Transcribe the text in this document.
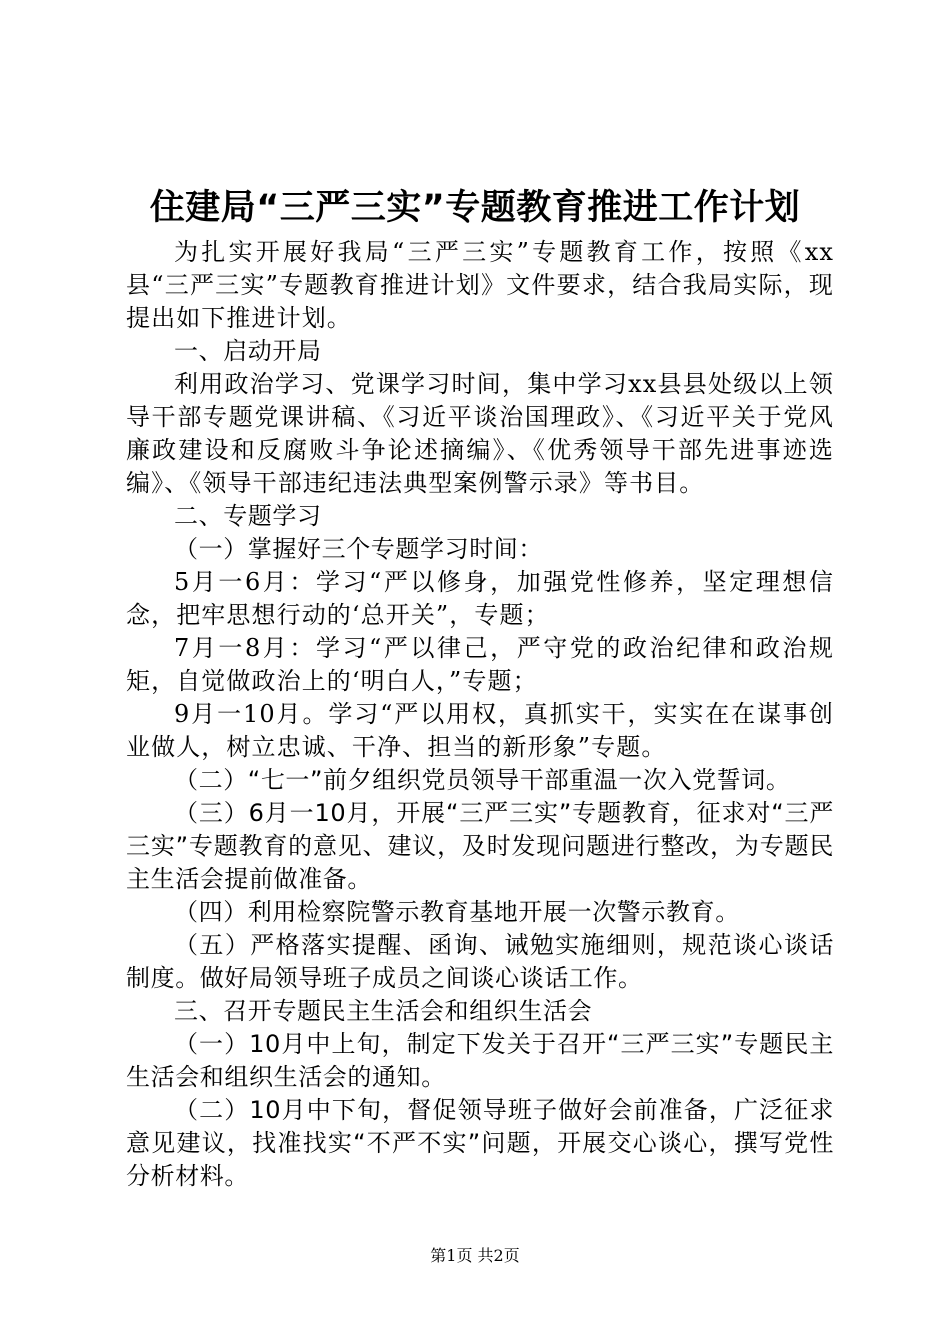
住建局“三严三实”专题教育推进工作计划

为扎实开展好我局“三严三实”专题教育工作，按照《xx县“三严三实”专题教育推进计划》文件要求，结合我局实际，现提出如下推进计划。

一、启动开局

利用政治学习、党课学习时间，集中学习xx县县处级以上领导干部专题党课讲稿、《习近平谈治国理政》、《习近平关于党风廉政建设和反腐败斗争论述摘编》、《优秀领导干部先进事迹选编》、《领导干部违纪违法典型案例警示录》等书目。

二、专题学习

（一）掌握好三个专题学习时间：

5月一6月：学习“严以修身，加强党性修养，坚定理想信念，把牢思想行动的‘总开关”，专题；

7月一8月：学习“严以律己，严守党的政治纪律和政治规矩，自觉做政治上的‘明白人，”专题；

9月一10月。学习“严以用权，真抓实干，实实在在谋事创业做人，树立忠诚、干净、担当的新形象”专题。

（二）“七一”前夕组织党员领导干部重温一次入党誓词。

（三）6月一10月，开展“三严三实”专题教育，征求对“三严三实”专题教育的意见、建议，及时发现问题进行整改，为专题民主生活会提前做准备。

（四）利用检察院警示教育基地开展一次警示教育。

（五）严格落实提醒、函询、诫勉实施细则，规范谈心谈话制度。做好局领导班子成员之间谈心谈话工作。

三、召开专题民主生活会和组织生活会

（一）10月中上旬，制定下发关于召开“三严三实”专题民主生活会和组织生活会的通知。

（二）10月中下旬，督促领导班子做好会前准备，广泛征求意见建议，找准找实“不严不实”问题，开展交心谈心，撰写党性分析材料。

第1页 共2页
